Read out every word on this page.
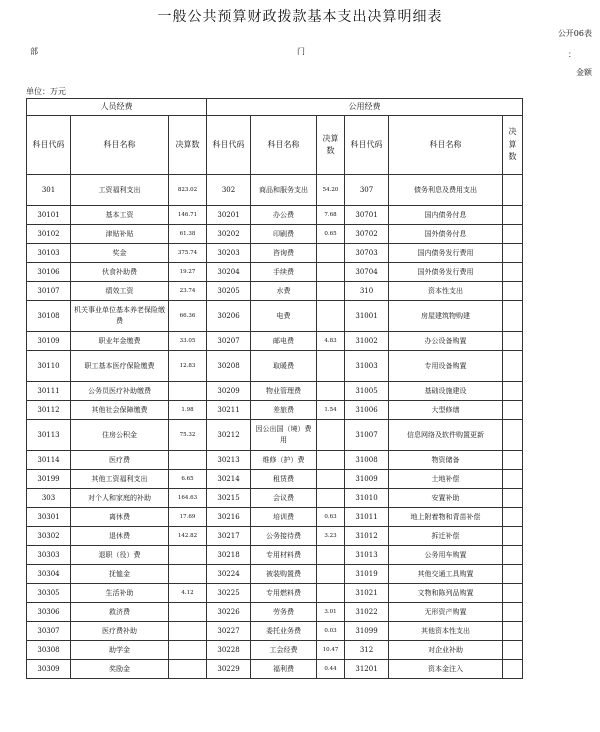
一般公共预算财政拨款基本支出决算明细表
公开06表
部	门	：
金额
单位：万元
人员经费			公用经费					
科目代码	科目名称	决算数	科目代码	科目名称	决算数	科目代码	科目名称	决算数
301	工资福利支出	823.02	302	商品和服务支出	54.20	307	债务利息及费用支出	
30101	基本工资	146.71	30201	办公费	7.68	30701	国内债务付息	
30102	津贴补贴	61.38	30202	印刷费	0.65	30702	国外债务付息	
30103	奖金	375.74	30203	咨询费		30703	国内债务发行费用	
30106	伙食补助费	19.27	30204	手续费		30704	国外债务发行费用	
30107	绩效工资	23.74	30205	水费		310	资本性支出	
30108	机关事业单位基本养老保险缴费	66.36	30206	电费		31001	房屋建筑物购建	
30109	职业年金缴费	33.05	30207	邮电费	4.83	31002	办公设备购置	
30110	职工基本医疗保险缴费	12.83	30208	取暖费		31003	专用设备购置	
30111	公务员医疗补助缴费		30209	物业管理费		31005	基础设施建设	
30112	其他社会保障缴费	1.98	30211	差旅费	1.54	31006	大型修缮	
30113	住房公积金	75.32	30212	因公出国（境）费用		31007	信息网络及软件购置更新	
30114	医疗费		30213	维修（护）费		31008	物资储备	
30199	其他工资福利支出	6.65	30214	租赁费		31009	土地补偿	
303	对个人和家庭的补助	164.63	30215	会议费		31010	安置补助	
30301	离休费	17.69	30216	培训费	0.63	31011	地上附着物和青苗补偿	
30302	退休费	142.82	30217	公务接待费	3.23	31012	拆迁补偿	
30303	退职（役）费		30218	专用材料费		31013	公务用车购置	
30304	抚恤金		30224	被装购置费		31019	其他交通工具购置	
30305	生活补助	4.12	30225	专用燃料费		31021	文物和陈列品购置	
30306	救济费		30226	劳务费	3.01	31022	无形资产购置	
30307	医疗费补助		30227	委托业务费	0.03	31099	其他资本性支出	
30308	助学金		30228	工会经费	10.47	312	对企业补助	
30309	奖励金		30229	福利费	0.44	31201	资本金注入	
